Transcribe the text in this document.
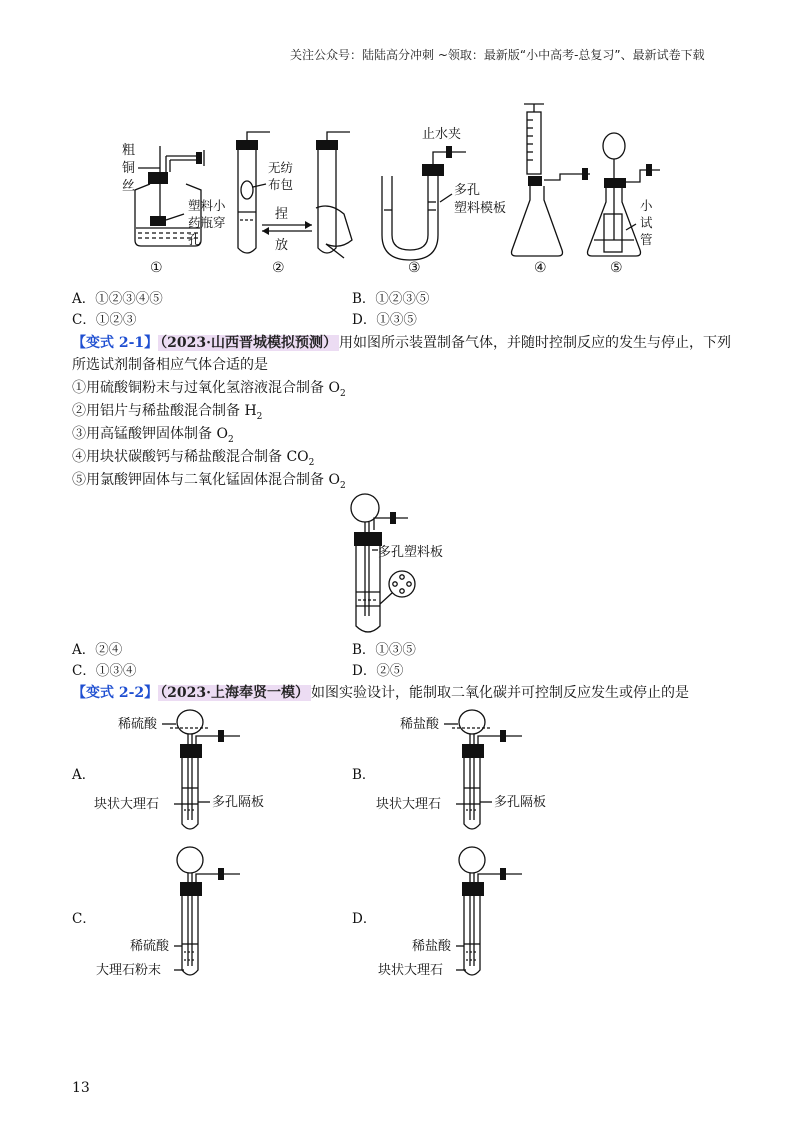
关注公众号：陆陆高分冲刺 ~领取：最新版“小中高考-总复习”、最新试卷下载
粗
铜
丝
塑料小
药瓶穿
孔
①
无纺
布包
捏
放
②
止水夹
多孔
塑料模板
③	④
小
试
管
⑤
A．①②③④⑤	B．①②③⑤
C．①②③	D．①③⑤
【变式 2-1】 （2023·山西晋城模拟预测） 用如图所示装置制备气体，并随时控制反应的发生与停止，下列
所选试剂制备相应气体合适的是
①用硫酸铜粉末与过氧化氢溶液混合制备 $O_2$
②用铝片与稀盐酸混合制备 $H_2$
③用高锰酸钾固体制备 $O_2$
④用块状碳酸钙与稀盐酸混合制备 $CO_2$
⑤用氯酸钾固体与二氧化锰固体混合制备 $O_2$
多孔塑料板
A．②④	B．①③⑤
C．①③④	D．②⑤
【变式 2-2】 （2023·上海奉贤一模） 如图实验设计，能制取二氧化碳并可控制反应发生或停止的是
A．
稀硫酸
块状大理石	多孔隔板
B．
稀盐酸
块状大理石	多孔隔板
C．
稀硫酸
大理石粉末
D．
稀盐酸
块状大理石
13
